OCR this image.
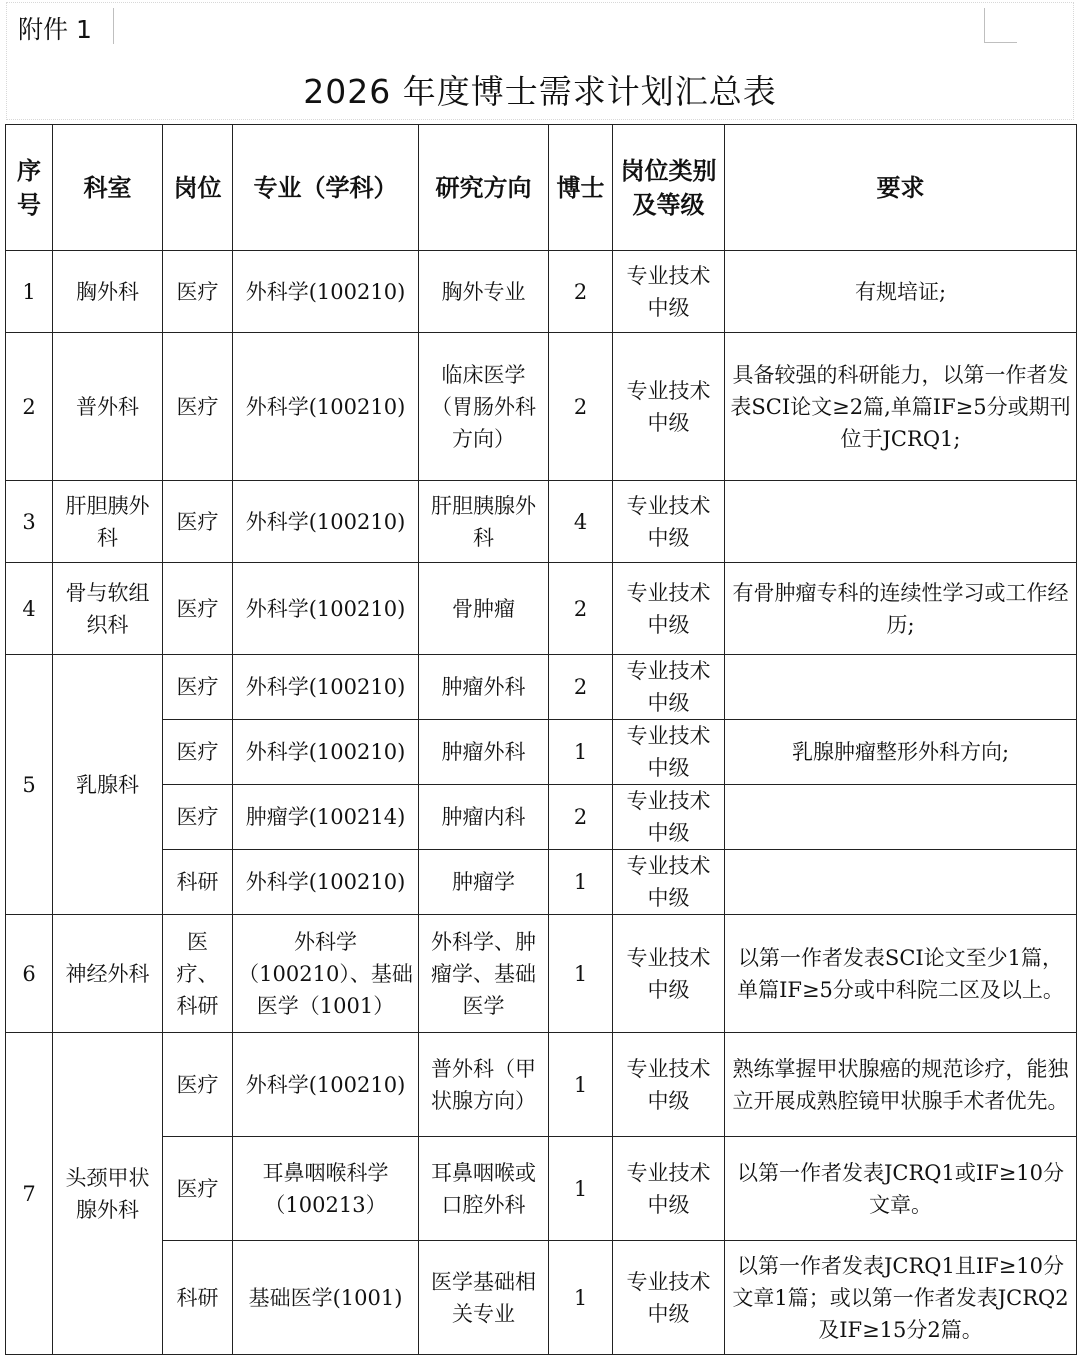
附件 1
2026 年度博士需求计划汇总表
序号	科室	岗位	专业（学科）	研究方向	博士	岗位类别及等级	要求
1	胸外科	医疗	外科学(100210)	胸外专业	2	专业技术中级	有规培证;
2	普外科	医疗	外科学(100210)	临床医学（胃肠外科方向）	2	专业技术中级	具备较强的科研能力，以第一作者发表SCI论文≥2篇,单篇IF≥5分或期刊位于JCRQ1;
3	肝胆胰外科	医疗	外科学(100210)	肝胆胰腺外科	4	专业技术中级	
4	骨与软组织科	医疗	外科学(100210)	骨肿瘤	2	专业技术中级	有骨肿瘤专科的连续性学习或工作经历;
5	乳腺科	医疗	外科学(100210)	肿瘤外科	2	专业技术中级	
		医疗	外科学(100210)	肿瘤外科	1	专业技术中级	乳腺肿瘤整形外科方向;
		医疗	肿瘤学(100214)	肿瘤内科	2	专业技术中级	
		科研	外科学(100210)	肿瘤学	1	专业技术中级	
6	神经外科	医疗、科研	外科学（100210）、基础医学（1001）	外科学、肿瘤学、基础医学	1	专业技术中级	以第一作者发表SCI论文至少1篇，单篇IF≥5分或中科院二区及以上。
7	头颈甲状腺外科	医疗	外科学(100210)	普外科（甲状腺方向）	1	专业技术中级	熟练掌握甲状腺癌的规范诊疗，能独立开展成熟腔镜甲状腺手术者优先。
		医疗	耳鼻咽喉科学（100213）	耳鼻咽喉或口腔外科	1	专业技术中级	以第一作者发表JCRQ1或IF≥10分文章。
		科研	基础医学(1001)	医学基础相关专业	1	专业技术中级	以第一作者发表JCRQ1且IF≥10分文章1篇；或以第一作者发表JCRQ2及IF≥15分2篇。
